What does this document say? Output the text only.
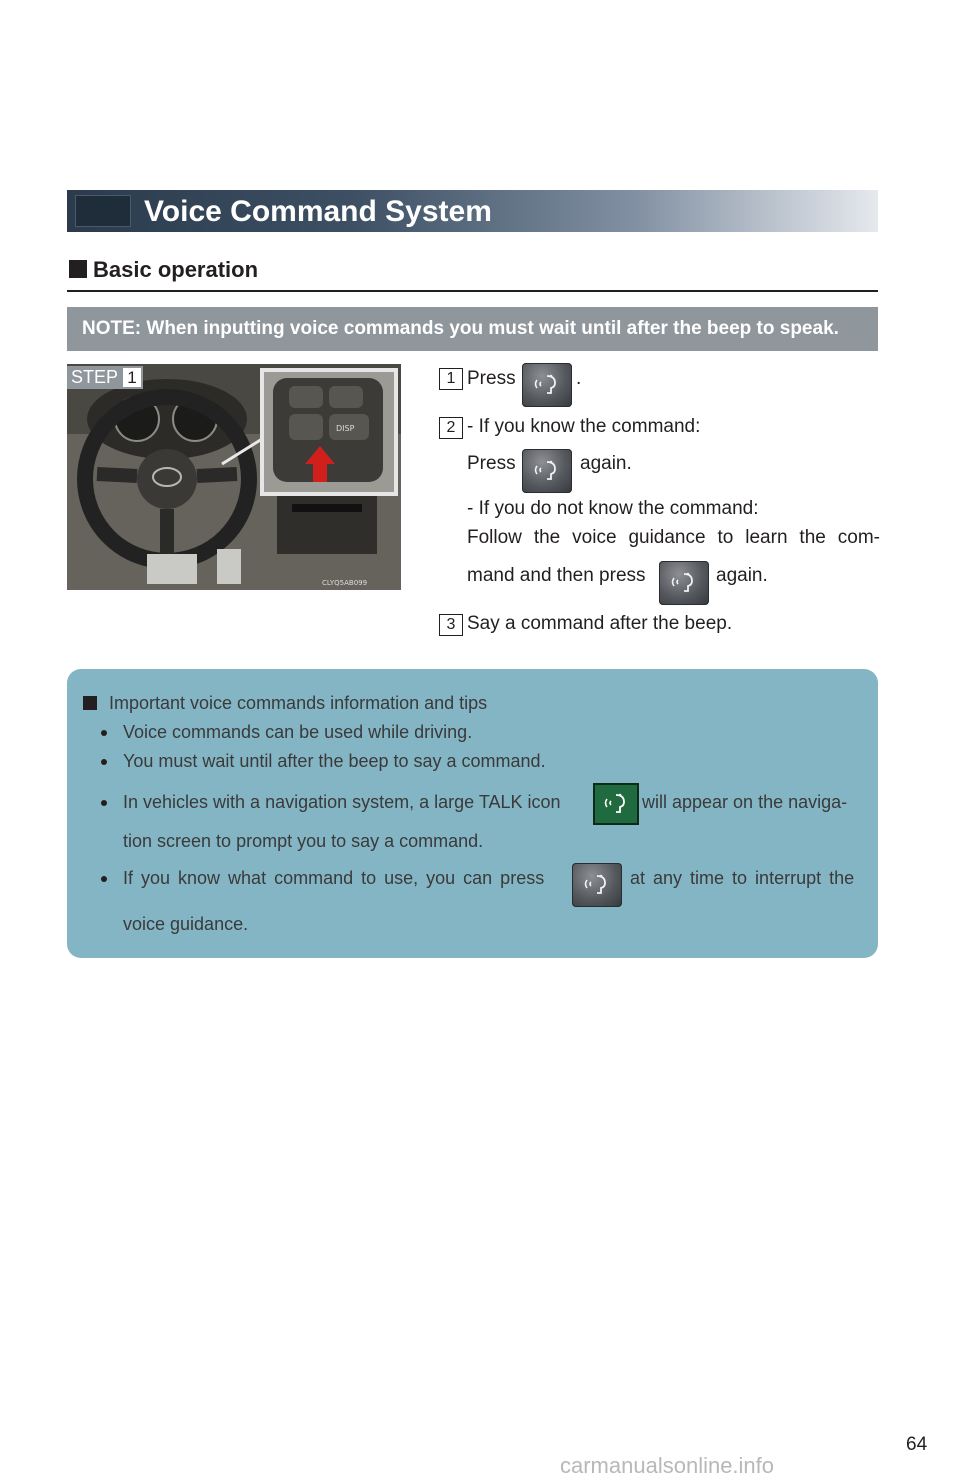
Voice Command System
Basic operation
NOTE: When inputting voice commands you must wait until after the beep to speak.
DISP
CLYQ5AB099
STEP 1	1 Press	.
2 - If you know the command:
Press	again.
- If you do not know the command:
Follow the voice guidance to learn the com-
mand and then press	again.
3 Say a command after the beep.
Important voice commands information and tips
Voice commands can be used while driving.
You must wait until after the beep to say a command.
In vehicles with a navigation system, a large TALK icon	will appear on the naviga-
tion screen to prompt you to say a command.
If you know what command to use, you can press	at any time to interrupt the
voice guidance.
64
carmanualsonline.info
